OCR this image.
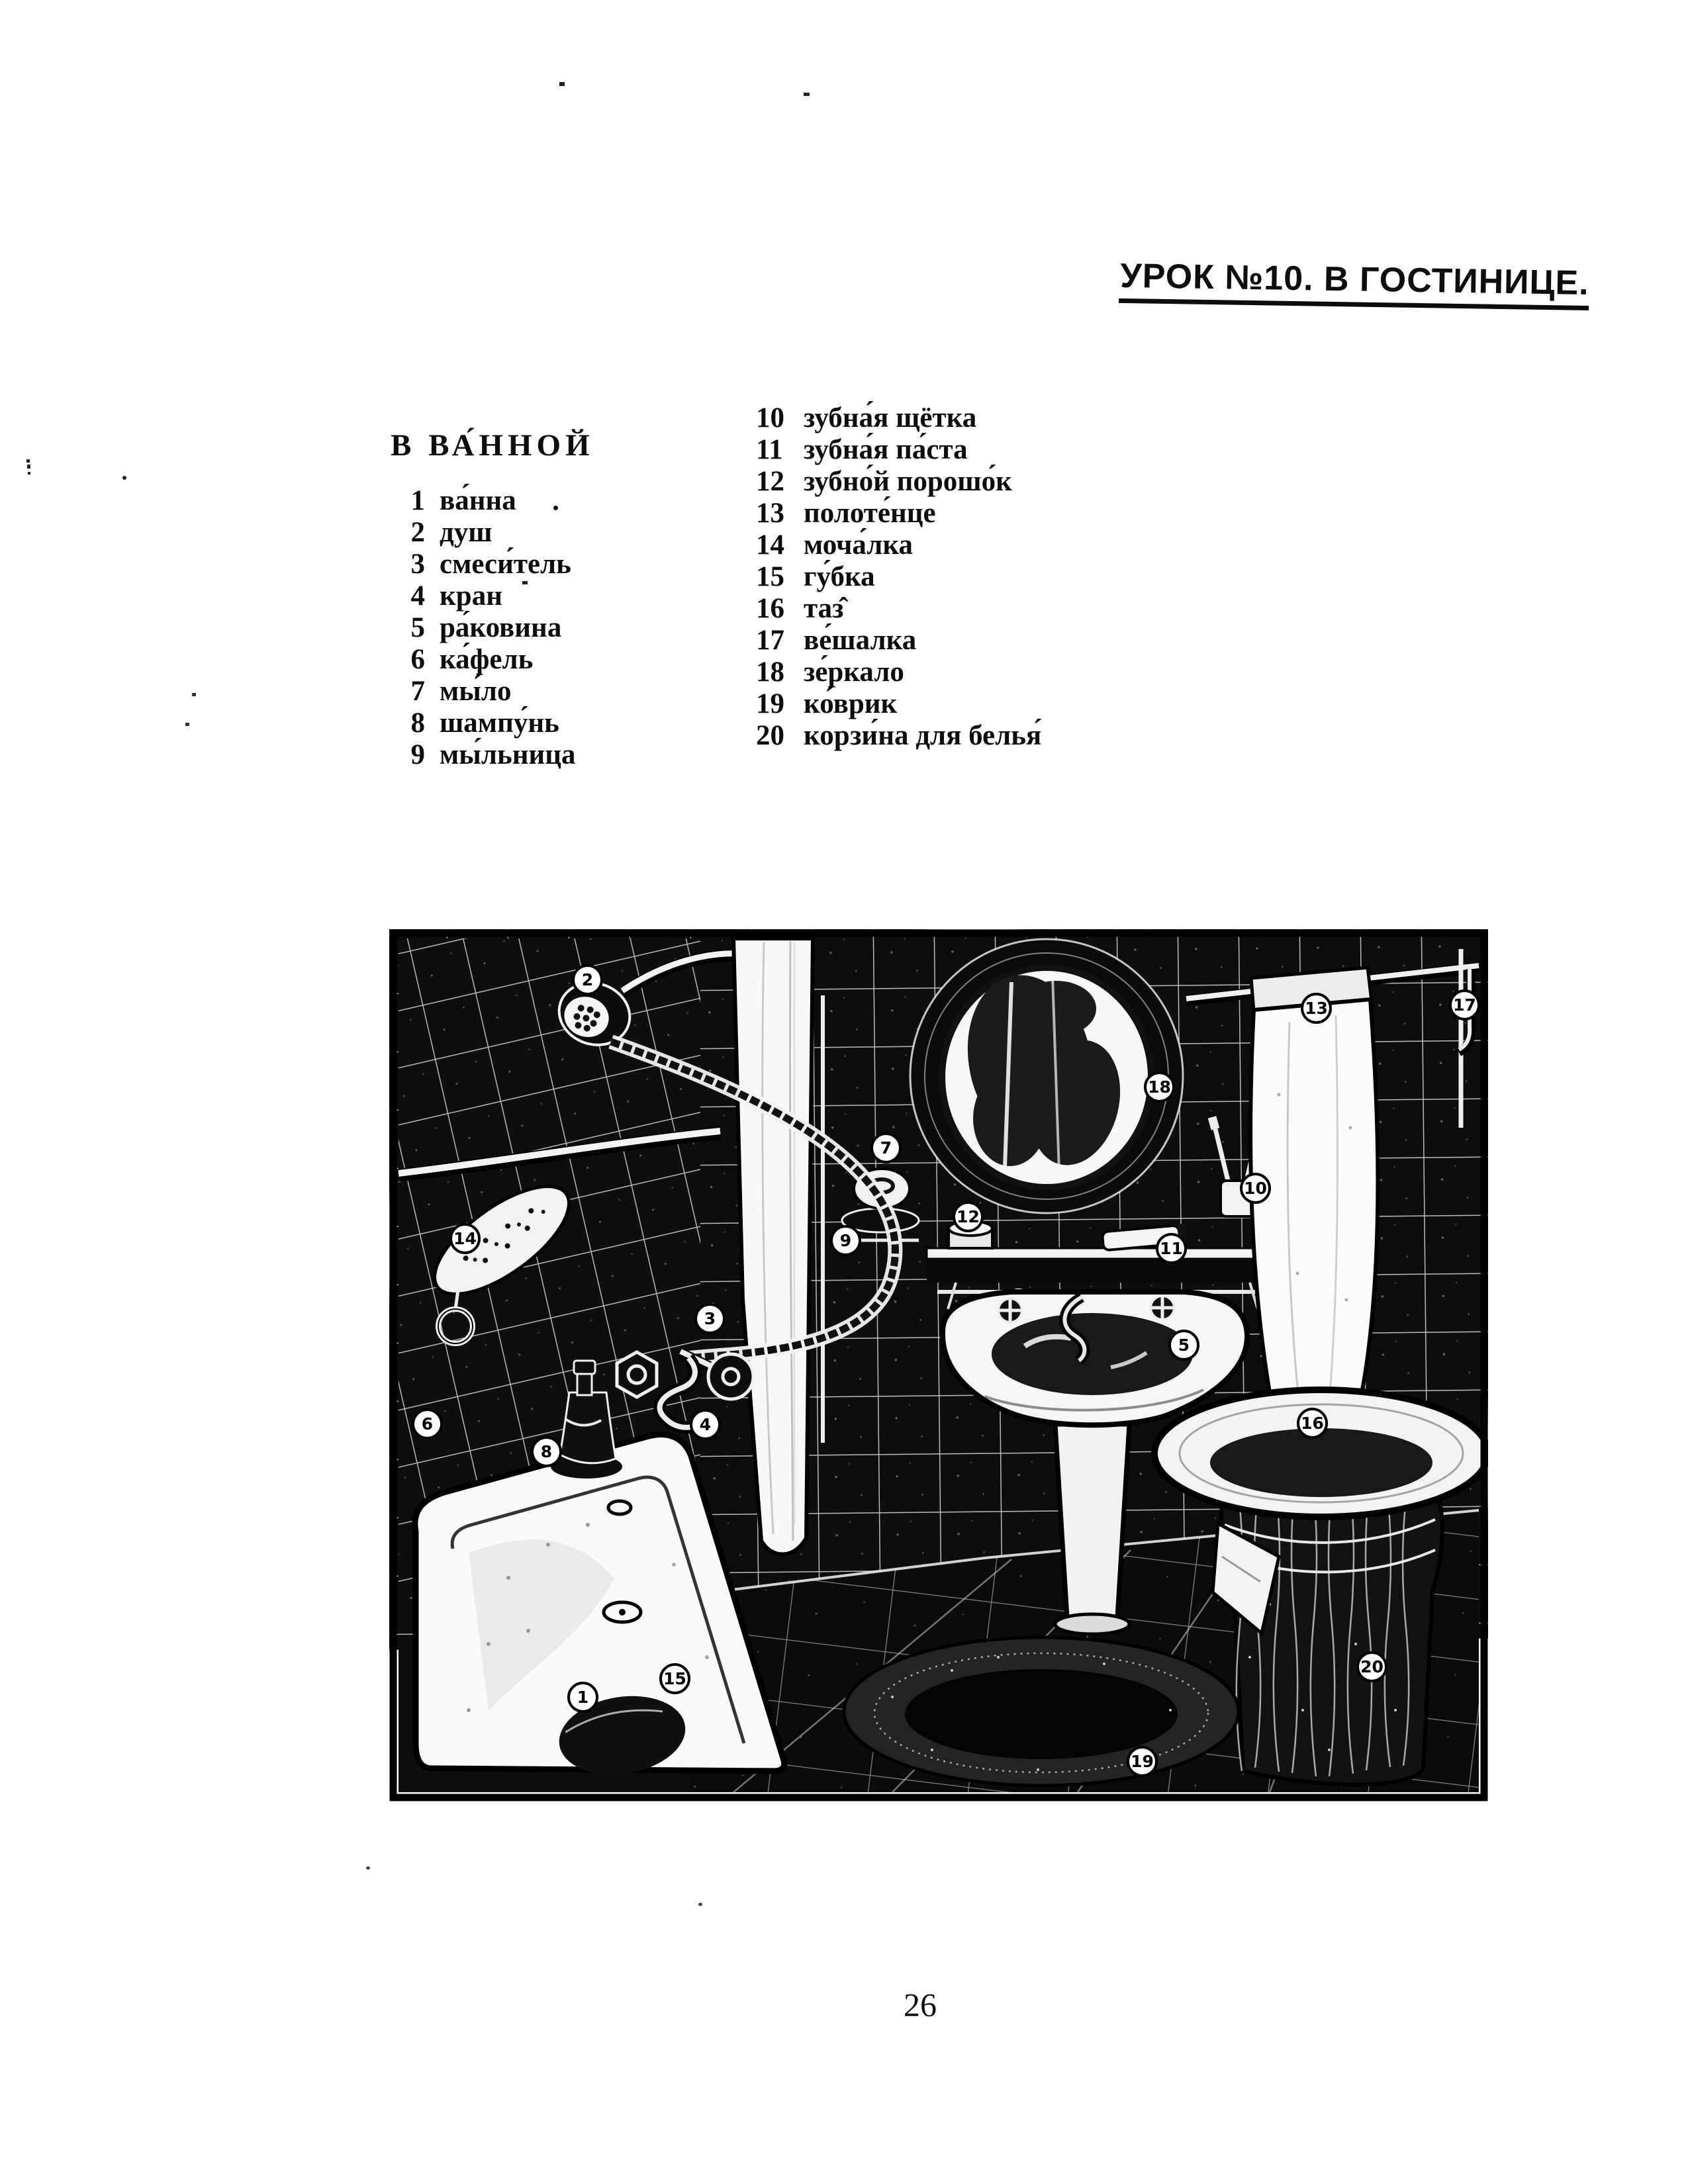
УРОК №10. В ГОСТИНИЦЕ.
В ВА́ННОЙ
1 ва́нна
2 душ
3 смеси́тель
4 кран
5 ра́ковина
6 ка́фель
7 мы́ло
8 шампу́нь
9 мы́льница
10 зубна́я щётка
11 зубна́я па́ста
12 зубно́й порошо́к
13 полоте́нце
14 моча́лка
15 гу́бка
16 таз̂
17 ве́шалка
18 зе́ркало
19 ко́врик
20 корзи́на для белья́
1
2
3
4
5
6
7
8
9
10
11
12
13
14
15
16
17
18
19
20
26
